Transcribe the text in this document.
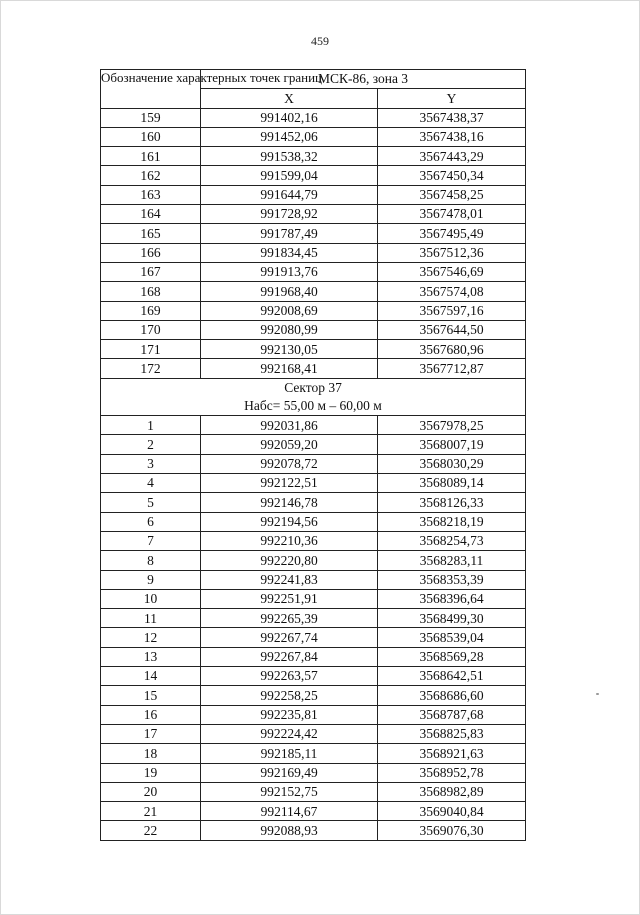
459
Обозначение характерных точек границ	МСК-86, зона 3	
	X	Y
159	991402,16	3567438,37
160	991452,06	3567438,16
161	991538,32	3567443,29
162	991599,04	3567450,34
163	991644,79	3567458,25
164	991728,92	3567478,01
165	991787,49	3567495,49
166	991834,45	3567512,36
167	991913,76	3567546,69
168	991968,40	3567574,08
169	992008,69	3567597,16
170	992080,99	3567644,50
171	992130,05	3567680,96
172	992168,41	3567712,87

Сектор 37
Набс= 55,00 м – 60,00 м		

1	992031,86	3567978,25
2	992059,20	3568007,19
3	992078,72	3568030,29
4	992122,51	3568089,14
5	992146,78	3568126,33
6	992194,56	3568218,19
7	992210,36	3568254,73
8	992220,80	3568283,11
9	992241,83	3568353,39
10	992251,91	3568396,64
11	992265,39	3568499,30
12	992267,74	3568539,04
13	992267,84	3568569,28
14	992263,57	3568642,51
15	992258,25	3568686,60
16	992235,81	3568787,68
17	992224,42	3568825,83
18	992185,11	3568921,63
19	992169,49	3568952,78
20	992152,75	3568982,89
21	992114,67	3569040,84
22	992088,93	3569076,30
